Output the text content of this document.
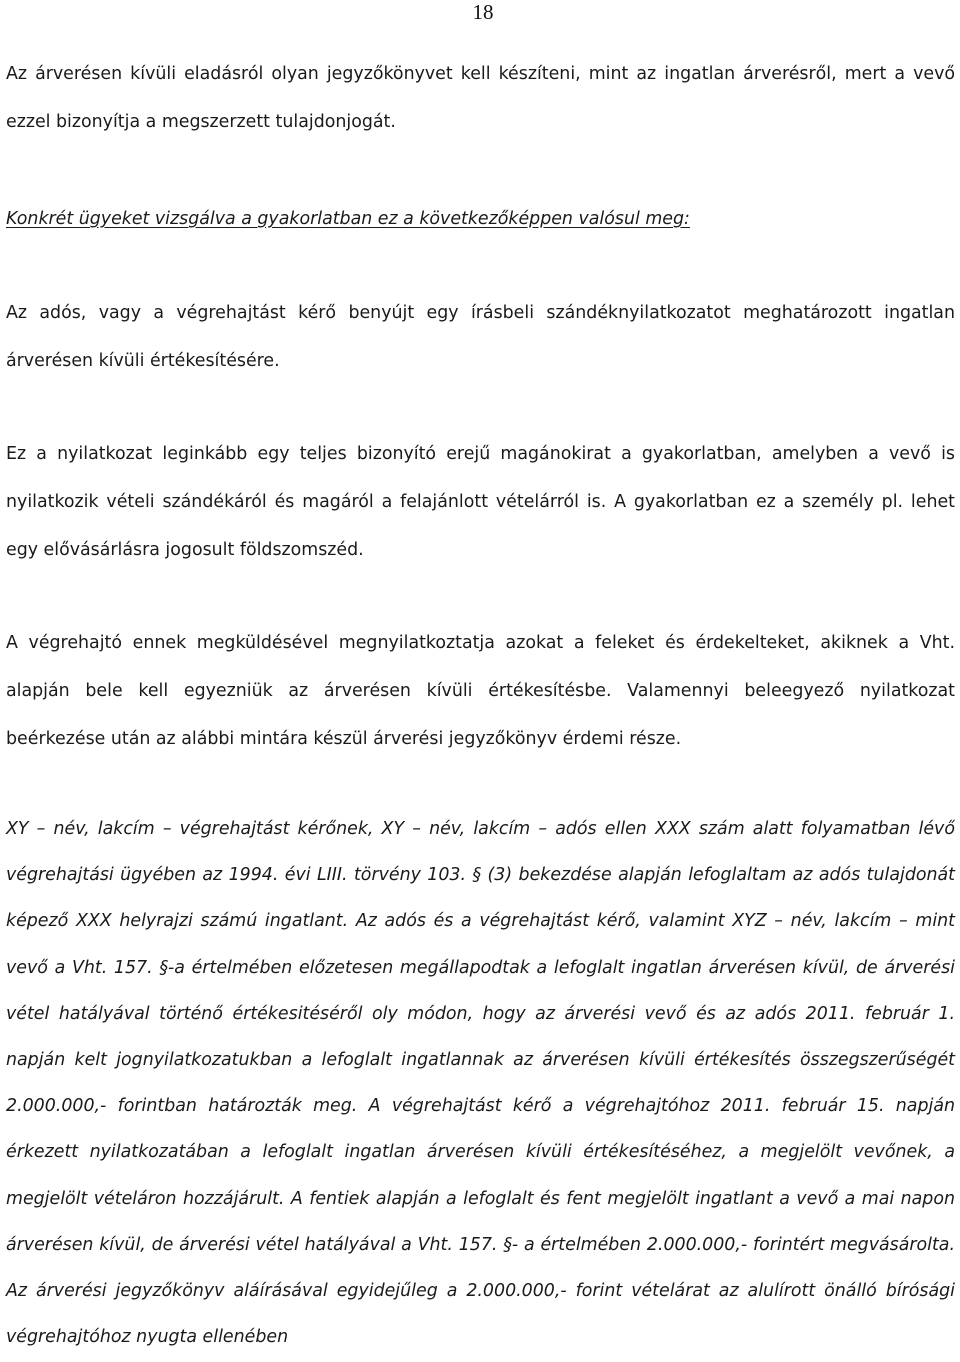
18

Az árverésen kívüli eladásról olyan jegyzőkönyvet kell készíteni, mint az ingatlan árverésről, mert a vevő ezzel bizonyítja a megszerzett tulajdonjogát.

Konkrét ügyeket vizsgálva a gyakorlatban ez a következőképpen valósul meg:

Az adós, vagy a végrehajtást kérő benyújt egy írásbeli szándéknyilatkozatot meghatározott ingatlan árverésen kívüli értékesítésére.

Ez a nyilatkozat leginkább egy teljes bizonyító erejű magánokirat a gyakorlatban, amelyben a vevő is nyilatkozik vételi szándékáról és magáról a felajánlott vételárról is. A gyakorlatban ez a személy pl. lehet egy elővásárlásra jogosult földszomszéd.

A végrehajtó ennek megküldésével megnyilatkoztatja azokat a feleket és érdekelteket, akiknek a Vht. alapján bele kell egyezniük az árverésen kívüli értékesítésbe. Valamennyi beleegyező nyilatkozat beérkezése után az alábbi mintára készül árverési jegyzőkönyv érdemi része.

XY – név, lakcím – végrehajtást kérőnek, XY – név, lakcím – adós ellen XXX szám alatt folyamatban lévő végrehajtási ügyében az 1994. évi LIII. törvény 103. § (3) bekezdése alapján lefoglaltam az adós tulajdonát képező XXX helyrajzi számú ingatlant. Az adós és a végrehajtást kérő, valamint XYZ – név, lakcím – mint vevő a Vht. 157. §-a értelmében előzetesen megállapodtak a lefoglalt ingatlan árverésen kívül, de árverési vétel hatályával történő értékesitéséről oly módon, hogy az árverési vevő és az adós 2011. február 1. napján kelt jognyilatkozatukban a lefoglalt ingatlannak az árverésen kívüli értékesítés összegszerűségét 2.000.000,- forintban határozták meg. A végrehajtást kérő a végrehajtóhoz 2011. február 15. napján érkezett nyilatkozatában a lefoglalt ingatlan árverésen kívüli értékesítéséhez, a megjelölt vevőnek, a megjelölt vételáron hozzájárult. A fentiek alapján a lefoglalt és fent megjelölt ingatlant a vevő a mai napon árverésen kívül, de árverési vétel hatályával a Vht. 157. §- a értelmében 2.000.000,- forintért megvásárolta. Az árverési jegyzőkönyv aláírásával egyidejűleg a 2.000.000,- forint vételárat az alulírott önálló bírósági végrehajtóhoz nyugta ellenében
